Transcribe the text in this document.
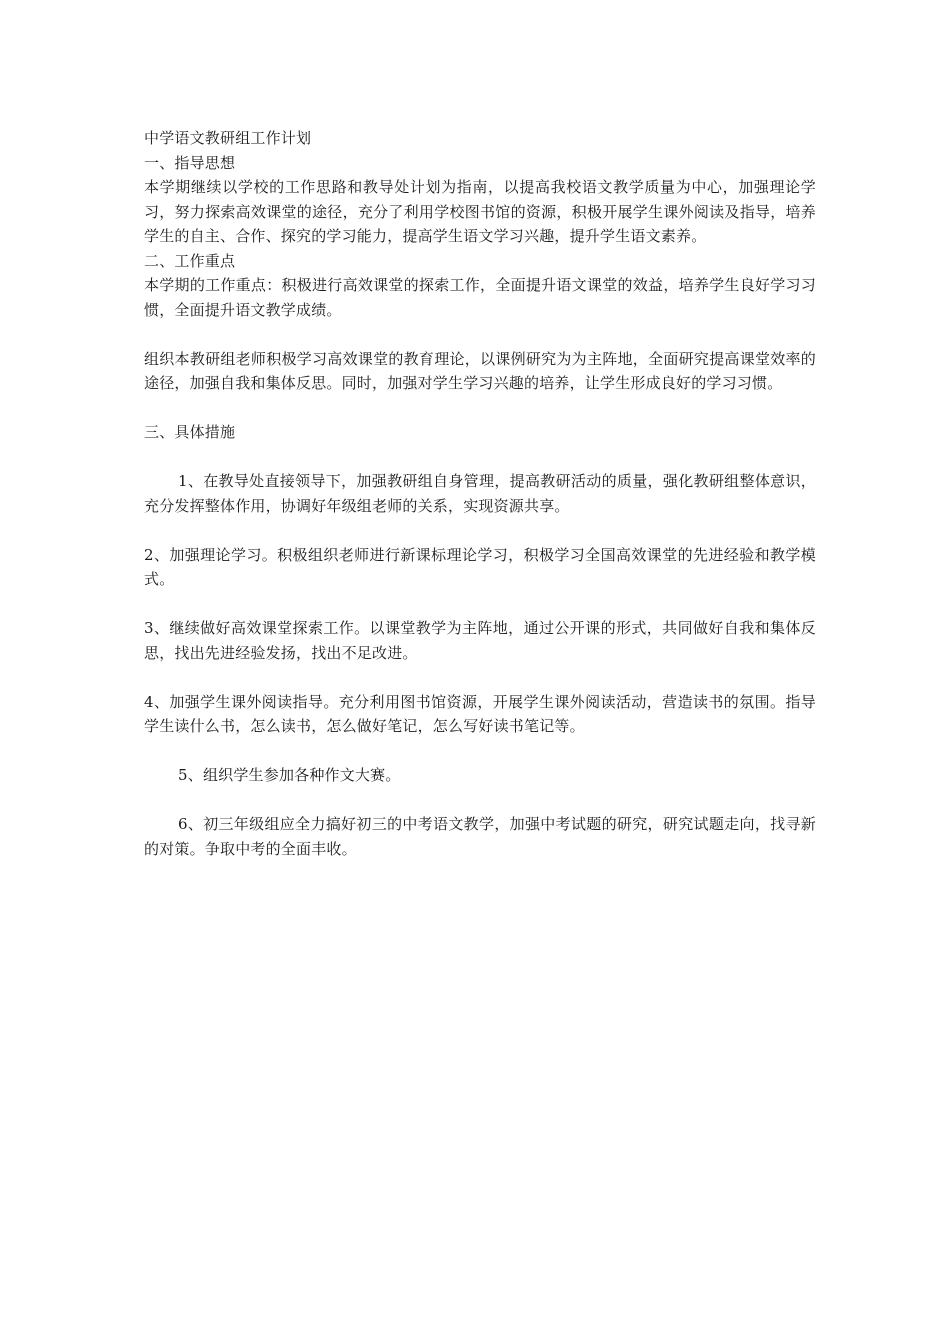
中学语文教研组工作计划

一、指导思想

本学期继续以学校的工作思路和教导处计划为指南，以提高我校语文教学质量为中心，加强理论学习，努力探索高效课堂的途径，充分了利用学校图书馆的资源，积极开展学生课外阅读及指导，培养学生的自主、合作、探究的学习能力，提高学生语文学习兴趣，提升学生语文素养。

二、工作重点

本学期的工作重点：积极进行高效课堂的探索工作，全面提升语文课堂的效益，培养学生良好学习习惯，全面提升语文教学成绩。

组织本教研组老师积极学习高效课堂的教育理论，以课例研究为为主阵地，全面研究提高课堂效率的途径，加强自我和集体反思。同时，加强对学生学习兴趣的培养，让学生形成良好的学习习惯。

三、具体措施

1、在教导处直接领导下，加强教研组自身管理，提高教研活动的质量，强化教研组整体意识，充分发挥整体作用，协调好年级组老师的关系，实现资源共享。

2、加强理论学习。积极组织老师进行新课标理论学习，积极学习全国高效课堂的先进经验和教学模式。

3、继续做好高效课堂探索工作。以课堂教学为主阵地，通过公开课的形式，共同做好自我和集体反思，找出先进经验发扬，找出不足改进。

4、加强学生课外阅读指导。充分利用图书馆资源，开展学生课外阅读活动，营造读书的氛围。指导学生读什么书，怎么读书，怎么做好笔记，怎么写好读书笔记等。

5、组织学生参加各种作文大赛。

6、初三年级组应全力搞好初三的中考语文教学，加强中考试题的研究，研究试题走向，找寻新的对策。争取中考的全面丰收。
